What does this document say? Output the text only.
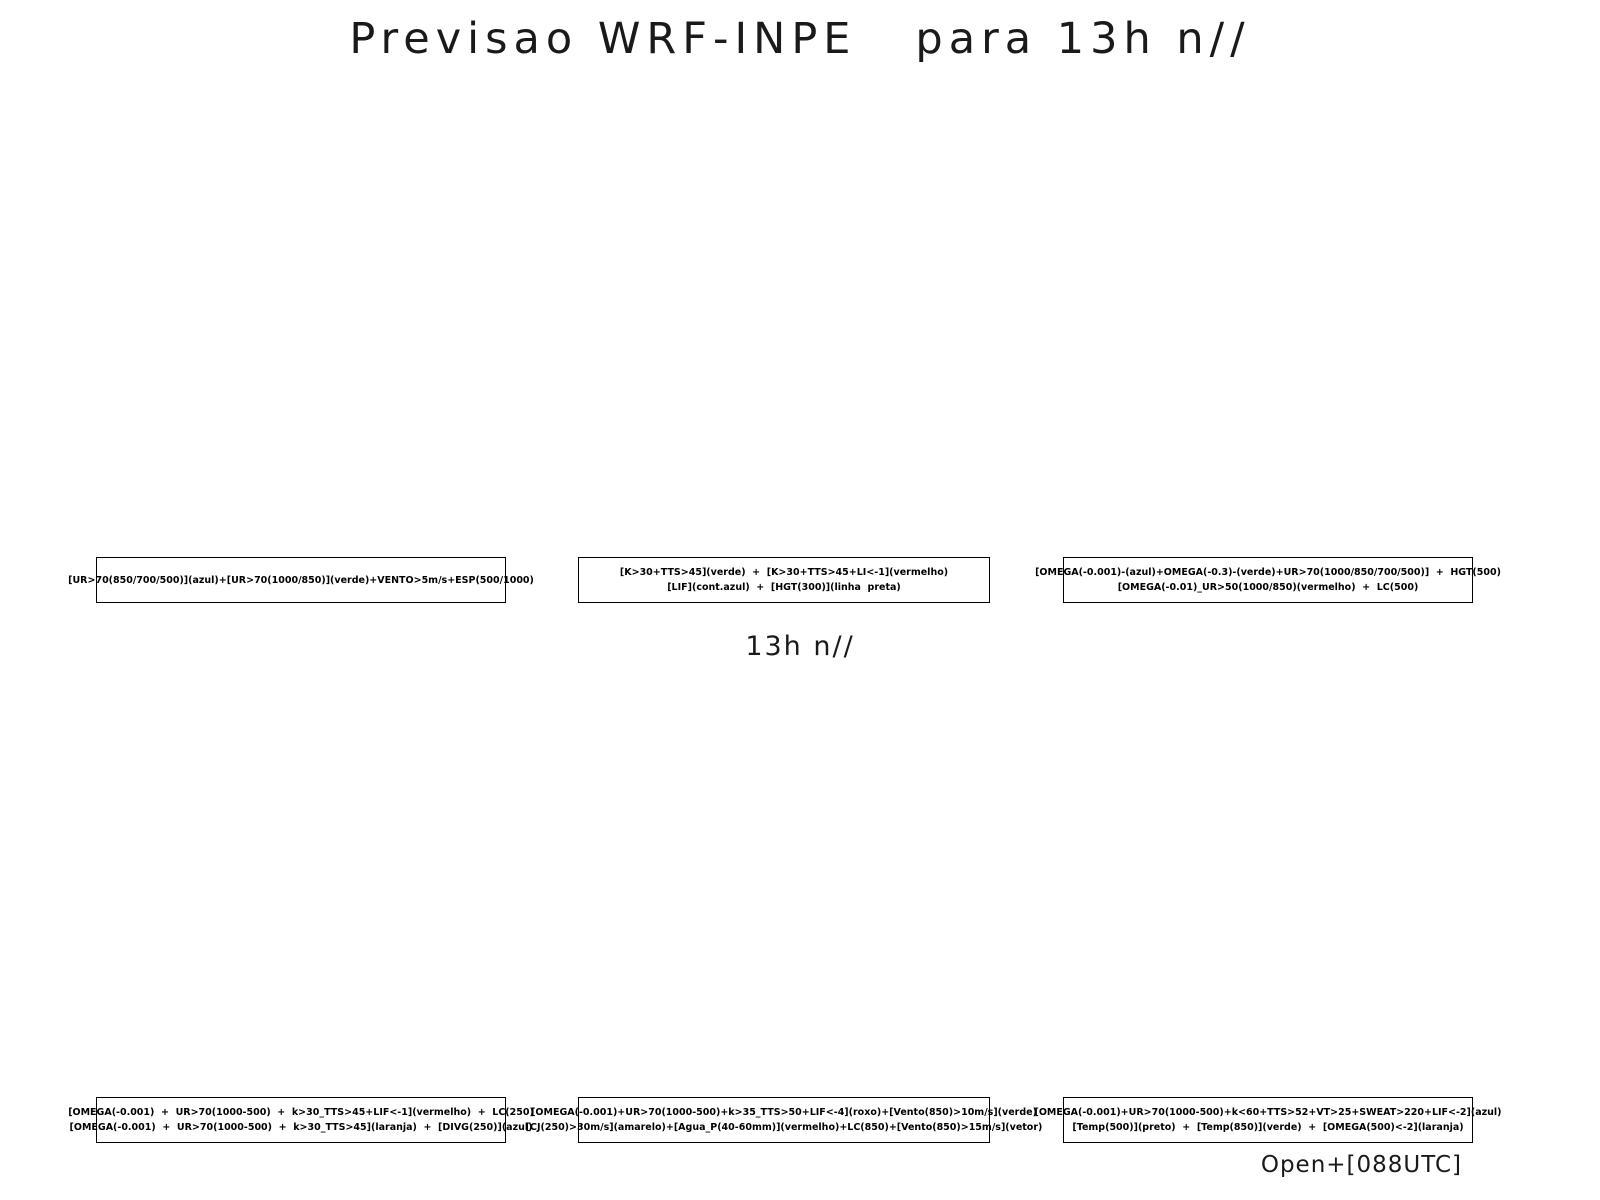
Previsao WRF-INPE   para 13h n//
[UR>70(850/700/500)](azul)+[UR>70(1000/850)](verde)+VENTO>5m/s+ESP(500/1000)
[K>30+TTS>45](verde)  +  [K>30+TTS>45+LI<-1](vermelho)
[LIF](cont.azul)  +  [HGT(300)](linha  preta)
[OMEGA(-0.001)-(azul)+OMEGA(-0.3)-(verde)+UR>70(1000/850/700/500)]  +  HGT(500)
[OMEGA(-0.01)_UR>50(1000/850)(vermelho)  +  LC(500)
13h n//
[OMEGA(-0.001)  +  UR>70(1000-500)  +  k>30_TTS>45+LIF<-1](vermelho)  +  LC(250)
[OMEGA(-0.001)  +  UR>70(1000-500)  +  k>30_TTS>45](laranja)  +  [DIVG(250)](azul)
[OMEGA(-0.001)+UR>70(1000-500)+k>35_TTS>50+LIF<-4](roxo)+[Vento(850)>10m/s](verde)
[CJ(250)>30m/s](amarelo)+[Agua_P(40-60mm)](vermelho)+LC(850)+[Vento(850)>15m/s](vetor)
[OMEGA(-0.001)+UR>70(1000-500)+k<60+TTS>52+VT>25+SWEAT>220+LIF<-2](azul)
[Temp(500)](preto)  +  [Temp(850)](verde)  +  [OMEGA(500)<-2](laranja)
Open+[088UTC]
